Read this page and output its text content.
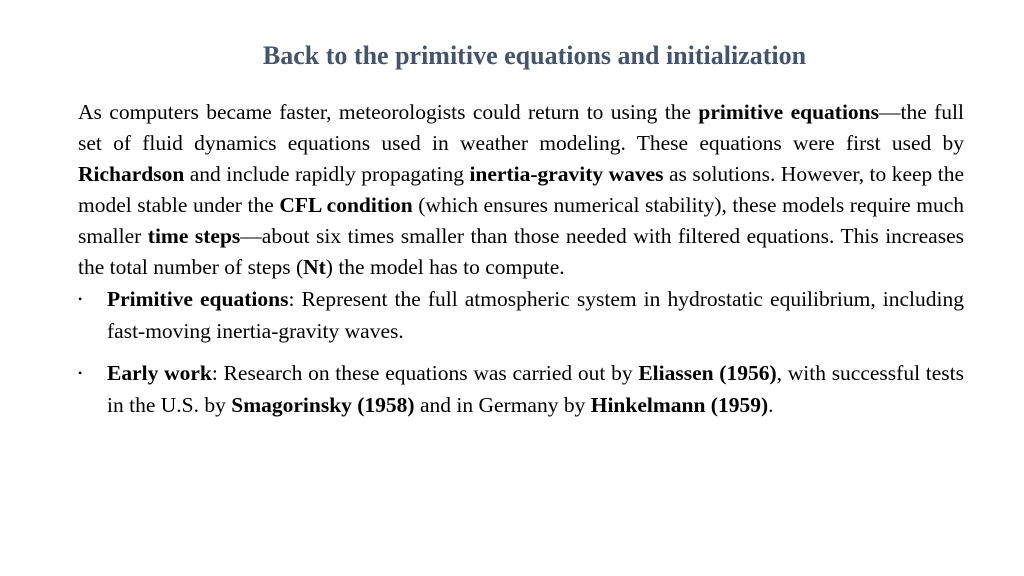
Back to the primitive equations and initialization

As computers became faster, meteorologists could return to using the primitive equations—the full set of fluid dynamics equations used in weather modeling. These equations were first used by Richardson and include rapidly propagating inertia-gravity waves as solutions. However, to keep the model stable under the CFL condition (which ensures numerical stability), these models require much smaller time steps—about six times smaller than those needed with filtered equations. This increases the total number of steps (Nt) the model has to compute.

• Primitive equations: Represent the full atmospheric system in hydrostatic equilibrium, including fast-moving inertia-gravity waves.
• Early work: Research on these equations was carried out by Eliassen (1956), with successful tests in the U.S. by Smagorinsky (1958) and in Germany by Hinkelmann (1959).
